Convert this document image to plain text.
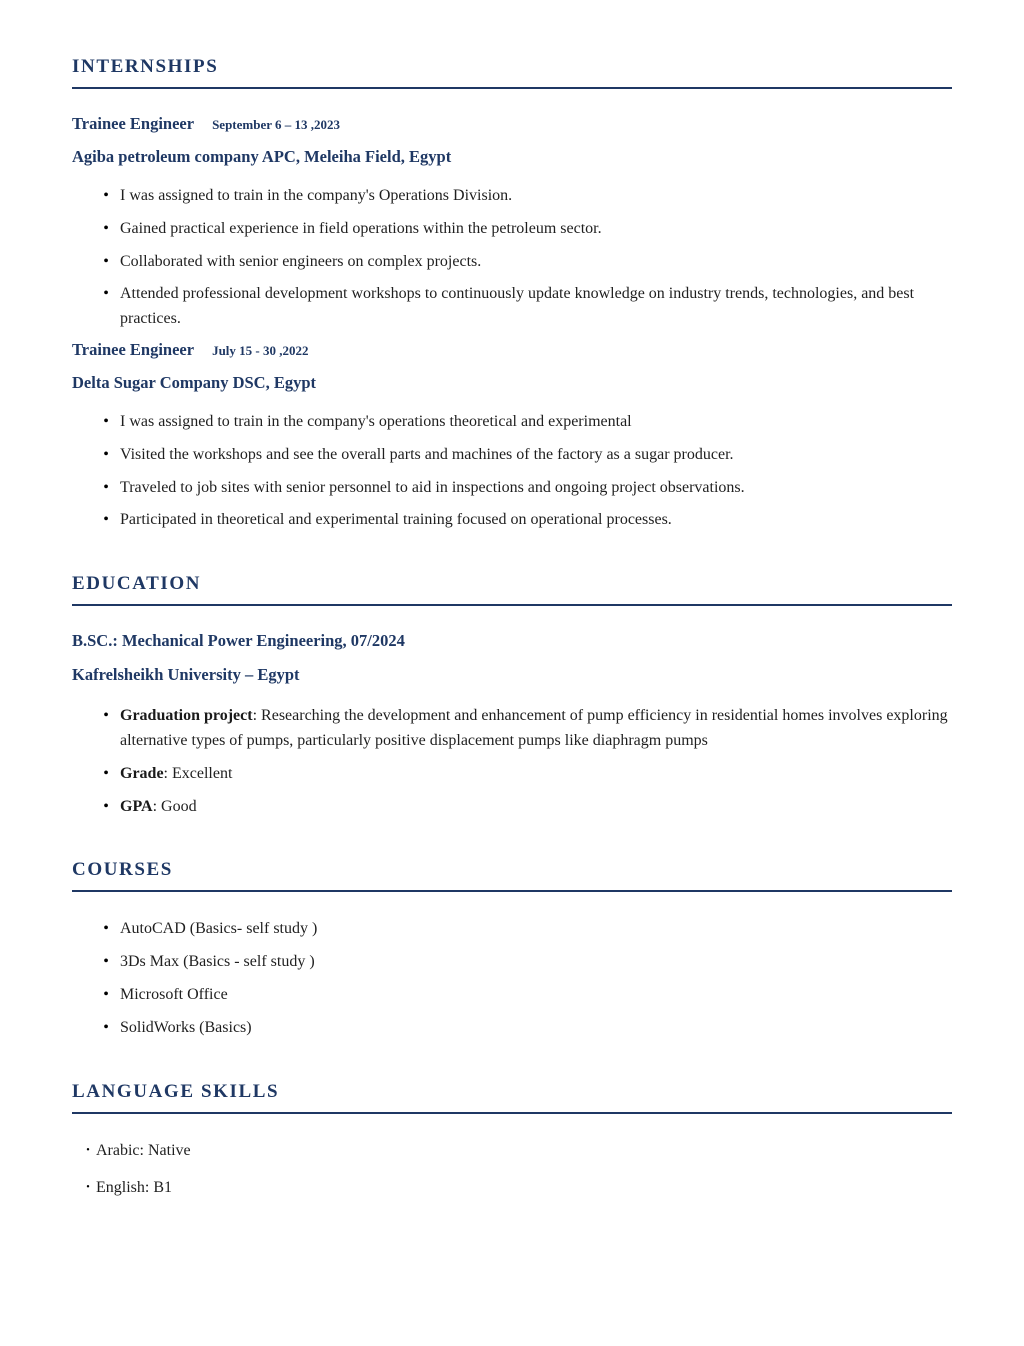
INTERNSHIPS
Trainee Engineer September 6 – 13 ,2023
Agiba petroleum company APC, Meleiha Field, Egypt
• I was assigned to train in the company's Operations Division.
• Gained practical experience in field operations within the petroleum sector.
• Collaborated with senior engineers on complex projects.
• Attended professional development workshops to continuously update knowledge on industry trends, technologies, and best practices.
Trainee Engineer July 15 - 30 ,2022
Delta Sugar Company DSC, Egypt
• I was assigned to train in the company's operations theoretical and experimental
• Visited the workshops and see the overall parts and machines of the factory as a sugar producer.
• Traveled to job sites with senior personnel to aid in inspections and ongoing project observations.
• Participated in theoretical and experimental training focused on operational processes.
EDUCATION
B.SC.: Mechanical Power Engineering, 07/2024
Kafrelsheikh University – Egypt
• Graduation project: Researching the development and enhancement of pump efficiency in residential homes involves exploring alternative types of pumps, particularly positive displacement pumps like diaphragm pumps
• Grade: Excellent
• GPA: Good
COURSES
• AutoCAD (Basics- self study )
• 3Ds Max (Basics - self study )
• Microsoft Office
• SolidWorks (Basics)
LANGUAGE SKILLS
• Arabic: Native
• English: B1
